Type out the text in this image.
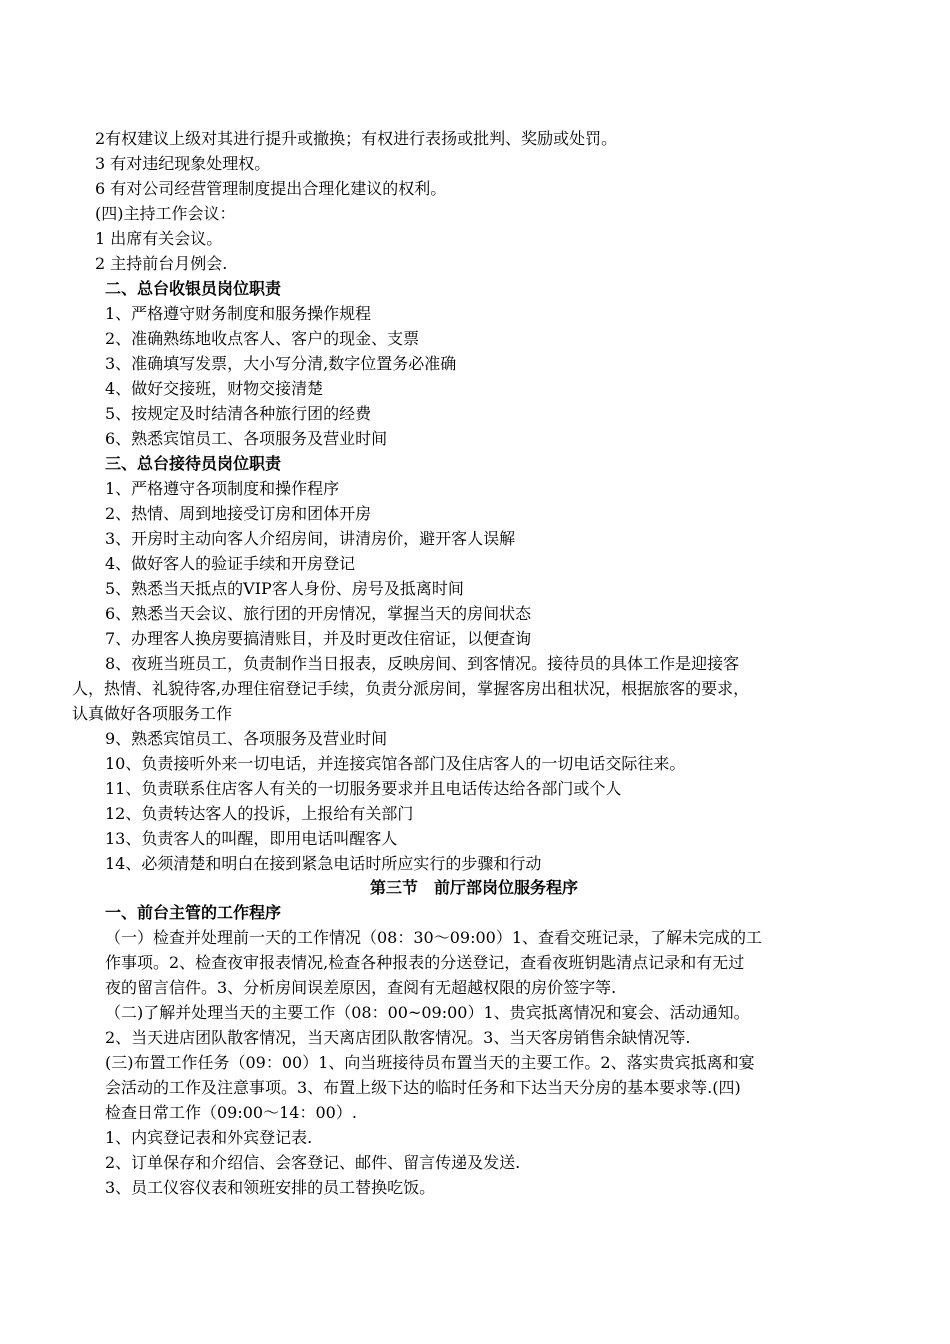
2有权建议上级对其进行提升或撤换；有权进行表扬或批判、奖励或处罚。
3 有对违纪现象处理权。
6 有对公司经营管理制度提出合理化建议的权利。
(四)主持工作会议：
1 出席有关会议。
2 主持前台月例会.
二、总台收银员岗位职责
1、严格遵守财务制度和服务操作规程
2、准确熟练地收点客人、客户的现金、支票
3、准确填写发票，大小写分清,数字位置务必准确
4、做好交接班，财物交接清楚
5、按规定及时结清各种旅行团的经费
6、熟悉宾馆员工、各项服务及营业时间
三、总台接待员岗位职责
1、严格遵守各项制度和操作程序
2、热情、周到地接受订房和团体开房
3、开房时主动向客人介绍房间，讲清房价，避开客人误解
4、做好客人的验证手续和开房登记
5、熟悉当天抵点的VIP客人身份、房号及抵离时间
6、熟悉当天会议、旅行团的开房情况，掌握当天的房间状态
7、办理客人换房要搞清账目，并及时更改住宿证，以便查询
8、夜班当班员工，负责制作当日报表，反映房间、到客情况。接待员的具体工作是迎接客
人，热情、礼貌待客,办理住宿登记手续，负责分派房间，掌握客房出租状况，根据旅客的要求，
认真做好各项服务工作
9、熟悉宾馆员工、各项服务及营业时间
10、负责接听外来一切电话，并连接宾馆各部门及住店客人的一切电话交际往来。
11、负责联系住店客人有关的一切服务要求并且电话传达给各部门或个人
12、负责转达客人的投诉，上报给有关部门
13、负责客人的叫醒，即用电话叫醒客人
14、必须清楚和明白在接到紧急电话时所应实行的步骤和行动
第三节　前厅部岗位服务程序
一、前台主管的工作程序
（一）检查并处理前一天的工作情况（08：30～09:00）1、查看交班记录，了解未完成的工
作事项。2、检查夜审报表情况,检查各种报表的分送登记，查看夜班钥匙清点记录和有无过
夜的留言信件。3、分析房间误差原因，查阅有无超越权限的房价签字等.
（二)了解并处理当天的主要工作（08：00~09:00）1、贵宾抵离情况和宴会、活动通知。
2、当天进店团队散客情况，当天离店团队散客情况。3、当天客房销售余缺情况等.
(三)布置工作任务（09：00）1、向当班接待员布置当天的主要工作。2、落实贵宾抵离和宴
会活动的工作及注意事项。3、布置上级下达的临时任务和下达当天分房的基本要求等.(四)
检查日常工作（09:00～14：00）.
1、内宾登记表和外宾登记表.
2、订单保存和介绍信、会客登记、邮件、留言传递及发送.
3、员工仪容仪表和领班安排的员工替换吃饭。
